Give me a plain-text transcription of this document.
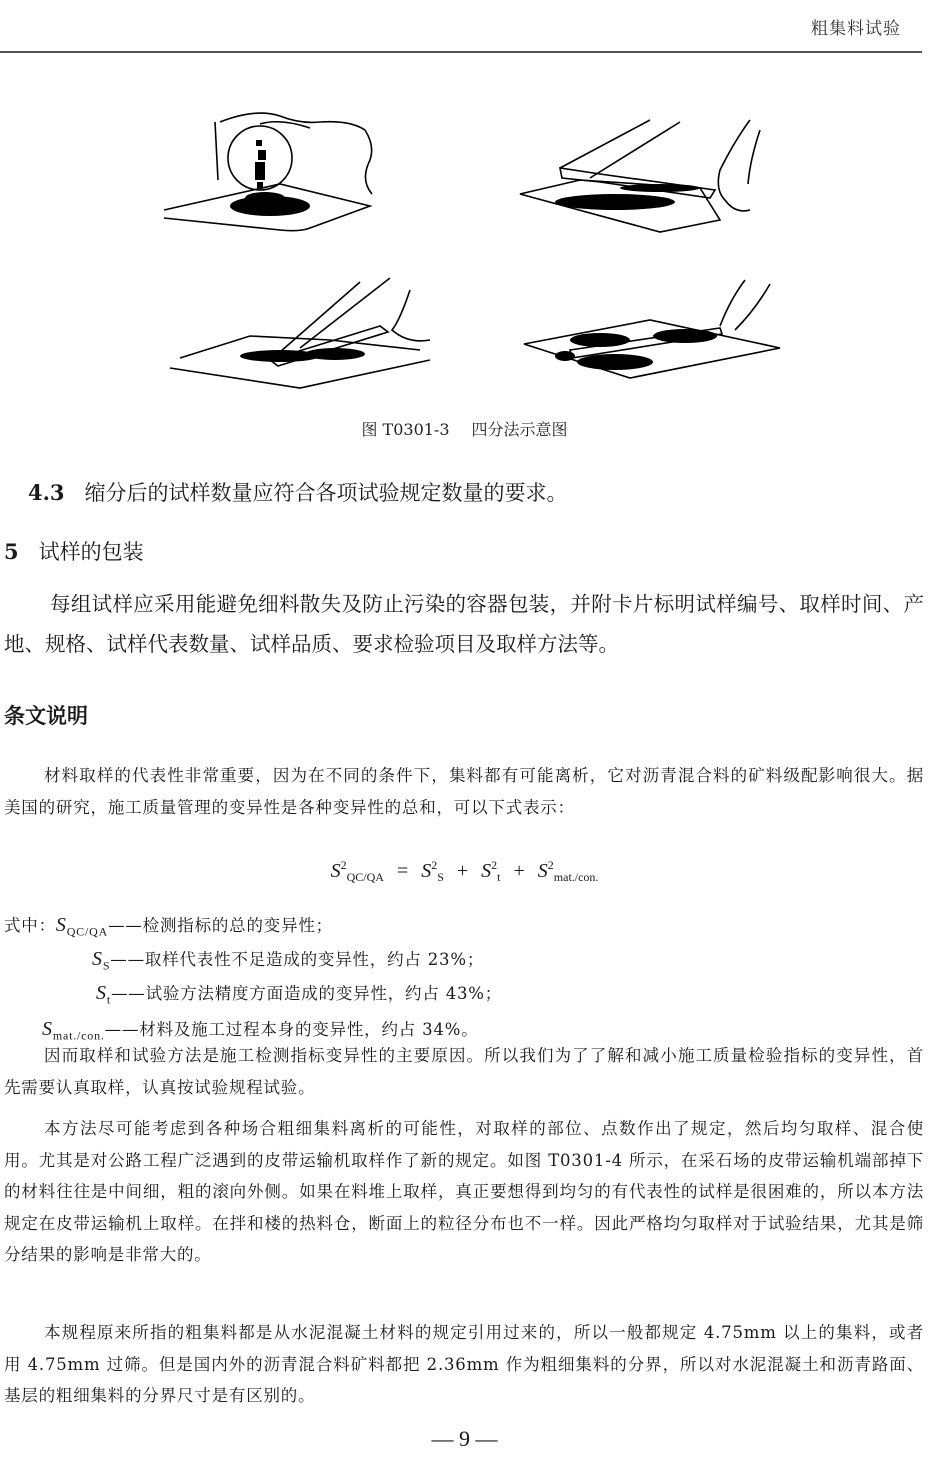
粗集料试验
图 T0301-3 四分法示意图
4.3 缩分后的试样数量应符合各项试验规定数量的要求。
5 试样的包装
每组试样应采用能避免细料散失及防止污染的容器包装，并附卡片标明试样编号、取样时间、产地、规格、试样代表数量、试样品质、要求检验项目及取样方法等。
条文说明
材料取样的代表性非常重要，因为在不同的条件下，集料都有可能离析，它对沥青混合料的矿料级配影响很大。据美国的研究，施工质量管理的变异性是各种变异性的总和，可以下式表示：
$S^2_{QC/QA} = S^2_S + S^2_t + S^2_{mat./con.}$
式中：$S_{QC/QA}——$检测指标的总的变异性；
$S_S——$取样代表性不足造成的变异性，约占 23%；
$S_t——$试验方法精度方面造成的变异性，约占 43%；
$S_{mat./con.}——$材料及施工过程本身的变异性，约占 34%。
因而取样和试验方法是施工检测指标变异性的主要原因。所以我们为了了解和减小施工质量检验指标的变异性，首先需要认真取样，认真按试验规程试验。
本方法尽可能考虑到各种场合粗细集料离析的可能性，对取样的部位、点数作出了规定，然后均匀取样、混合使用。尤其是对公路工程广泛遇到的皮带运输机取样作了新的规定。如图 T0301-4 所示，在采石场的皮带运输机端部掉下的材料往往是中间细，粗的滚向外侧。如果在料堆上取样，真正要想得到均匀的有代表性的试样是很困难的，所以本方法规定在皮带运输机上取样。在拌和楼的热料仓，断面上的粒径分布也不一样。因此严格均匀取样对于试验结果，尤其是筛分结果的影响是非常大的。
本规程原来所指的粗集料都是从水泥混凝土材料的规定引用过来的，所以一般都规定 4.75mm 以上的集料，或者用 4.75mm 过筛。但是国内外的沥青混合料矿料都把 2.36mm 作为粗细集料的分界，所以对水泥混凝土和沥青路面、基层的粗细集料的分界尺寸是有区别的。
— 9 —
